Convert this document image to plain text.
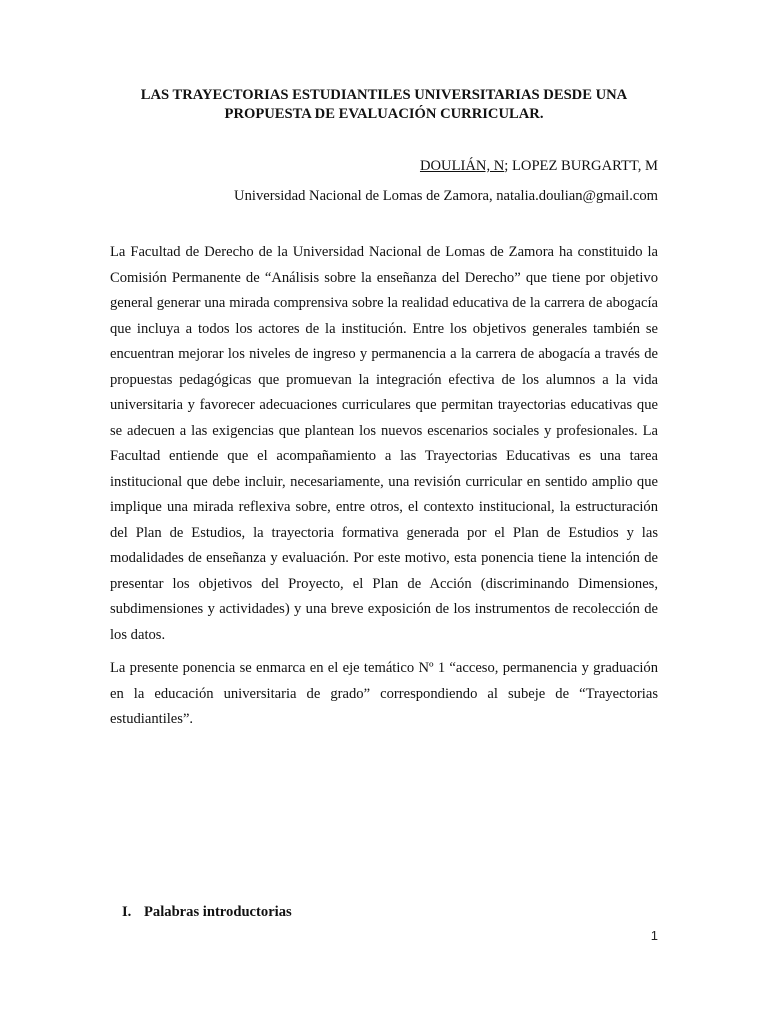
LAS TRAYECTORIAS ESTUDIANTILES UNIVERSITARIAS DESDE UNA PROPUESTA DE EVALUACIÓN CURRICULAR.
DOULIÁN, N; LOPEZ BURGARTT, M
Universidad Nacional de Lomas de Zamora, natalia.doulian@gmail.com

La Facultad de Derecho de la Universidad Nacional de Lomas de Zamora ha constituido la Comisión Permanente de “Análisis sobre la enseñanza del Derecho” que tiene por objetivo general generar una mirada comprensiva sobre la realidad educativa de la carrera de abogacía que incluya a todos los actores de la institución. Entre los objetivos generales también se encuentran mejorar los niveles de ingreso y permanencia a la carrera de abogacía a través de propuestas pedagógicas que promuevan la integración efectiva de los alumnos a la vida universitaria y favorecer adecuaciones curriculares que permitan trayectorias educativas que se adecuen a las exigencias que plantean los nuevos escenarios sociales y profesionales. La Facultad entiende que el acompañamiento a las Trayectorias Educativas es una tarea institucional que debe incluir, necesariamente, una revisión curricular en sentido amplio que implique una mirada reflexiva sobre, entre otros, el contexto institucional, la estructuración del Plan de Estudios, la trayectoria formativa generada por el Plan de Estudios y las modalidades de enseñanza y evaluación. Por este motivo, esta ponencia tiene la intención de presentar los objetivos del Proyecto, el Plan de Acción (discriminando Dimensiones, subdimensiones y actividades) y una breve exposición de los instrumentos de recolección de los datos.

La presente ponencia se enmarca en el eje temático Nº 1 “acceso, permanencia y graduación en la educación universitaria de grado” correspondiendo al subeje de “Trayectorias estudiantiles”.

I. Palabras introductorias
1
